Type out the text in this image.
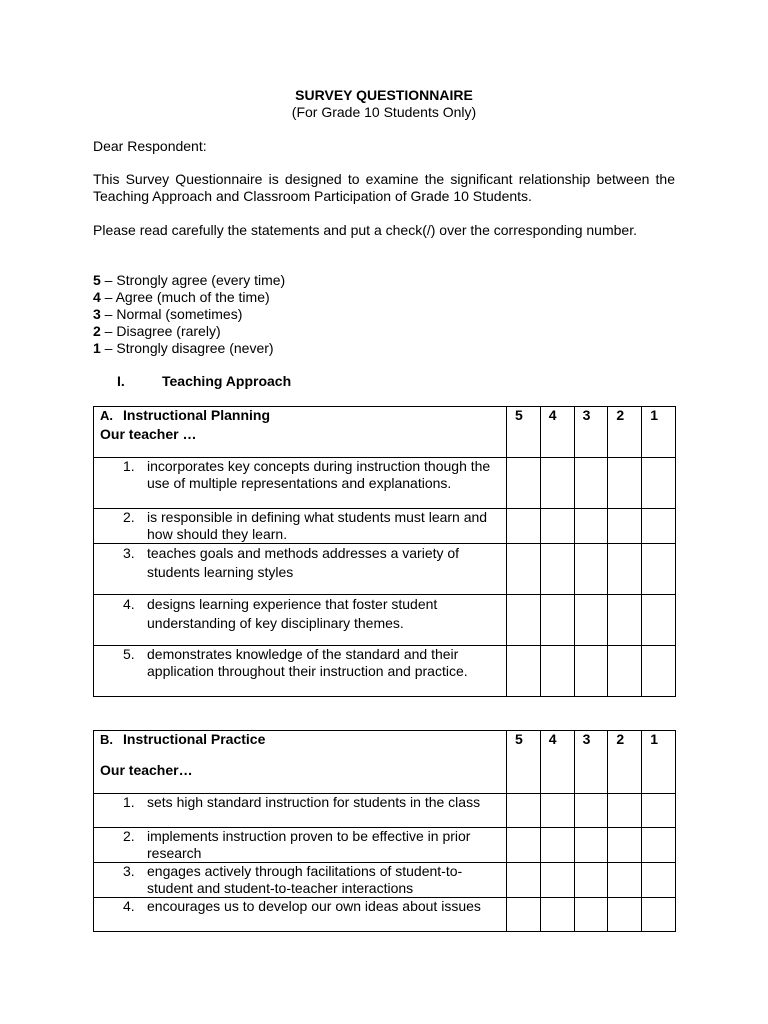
SURVEY QUESTIONNAIRE
(For Grade 10 Students Only)
Dear Respondent:
This Survey Questionnaire is designed to examine the significant relationship between the Teaching Approach and Classroom Participation of Grade 10 Students.
Please read carefully the statements and put a check(/) over the corresponding number.
5 – Strongly agree (every time)
4 – Agree (much of the time)
3 – Normal (sometimes)
2 – Disagree (rarely)
1 – Strongly disagree (never)
I.	Teaching Approach
A. Instructional Planning
Our teacher …	5	4	3	2	1

1. incorporates key concepts during instruction though the use of multiple representations and explanations.					

2. is responsible in defining what students must learn and how should they learn.					

3. teaches goals and methods addresses a variety of students learning styles					

4. designs learning experience that foster student understanding of key disciplinary themes.					

5. demonstrates knowledge of the standard and their application throughout their instruction and practice.					
B. Instructional Practice
Our teacher…	5	4	3	2	1

1. sets high standard instruction for students in the class					

2. implements instruction proven to be effective in prior research					

3. engages actively through facilitations of student-to-student and student-to-teacher interactions					

4. encourages us to develop our own ideas about issues					
